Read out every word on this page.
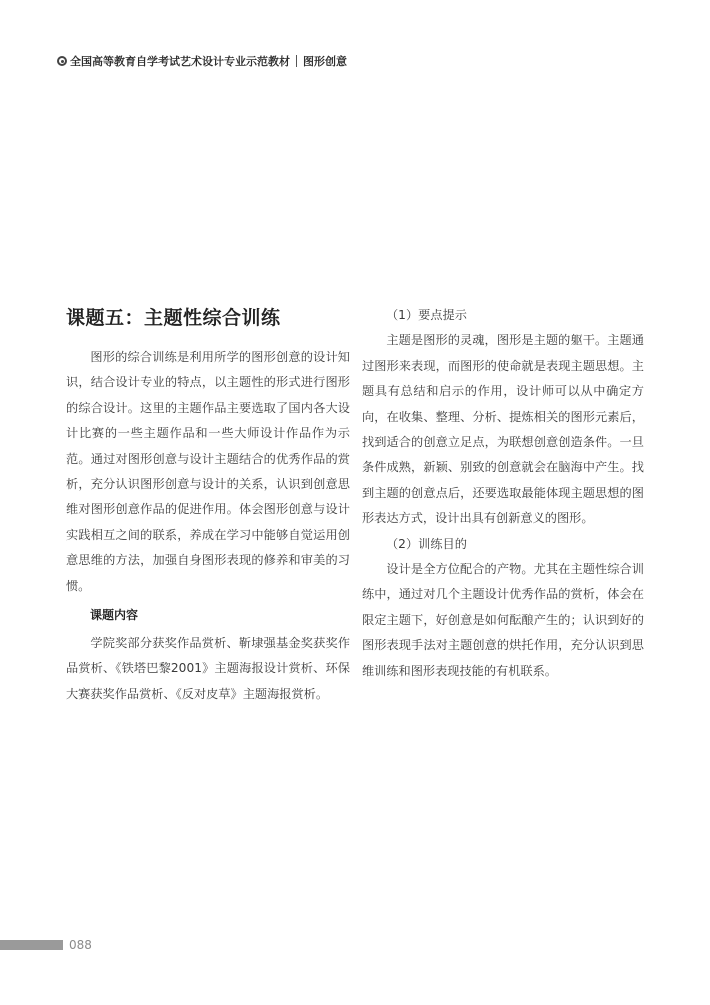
全国高等教育自学考试艺术设计专业示范教材 图形创意
课题五：主题性综合训练

图形的综合训练是利用所学的图形创意的设计知识，结合设计专业的特点，以主题性的形式进行图形的综合设计。这里的主题作品主要选取了国内各大设计比赛的一些主题作品和一些大师设计作品作为示范。通过对图形创意与设计主题结合的优秀作品的赏析，充分认识图形创意与设计的关系，认识到创意思维对图形创意作品的促进作用。体会图形创意与设计实践相互之间的联系，养成在学习中能够自觉运用创意思维的方法，加强自身图形表现的修养和审美的习惯。

课题内容

学院奖部分获奖作品赏析、靳埭强基金奖获奖作品赏析、《铁塔巴黎2001》主题海报设计赏析、环保大赛获奖作品赏析、《反对皮草》主题海报赏析。

（1）要点提示

主题是图形的灵魂，图形是主题的躯干。主题通过图形来表现，而图形的使命就是表现主题思想。主题具有总结和启示的作用，设计师可以从中确定方向，在收集、整理、分析、提炼相关的图形元素后，找到适合的创意立足点，为联想创意创造条件。一旦条件成熟，新颖、别致的创意就会在脑海中产生。找到主题的创意点后，还要选取最能体现主题思想的图形表达方式，设计出具有创新意义的图形。

（2）训练目的

设计是全方位配合的产物。尤其在主题性综合训练中，通过对几个主题设计优秀作品的赏析，体会在限定主题下，好创意是如何酝酿产生的；认识到好的图形表现手法对主题创意的烘托作用，充分认识到思维训练和图形表现技能的有机联系。

088
